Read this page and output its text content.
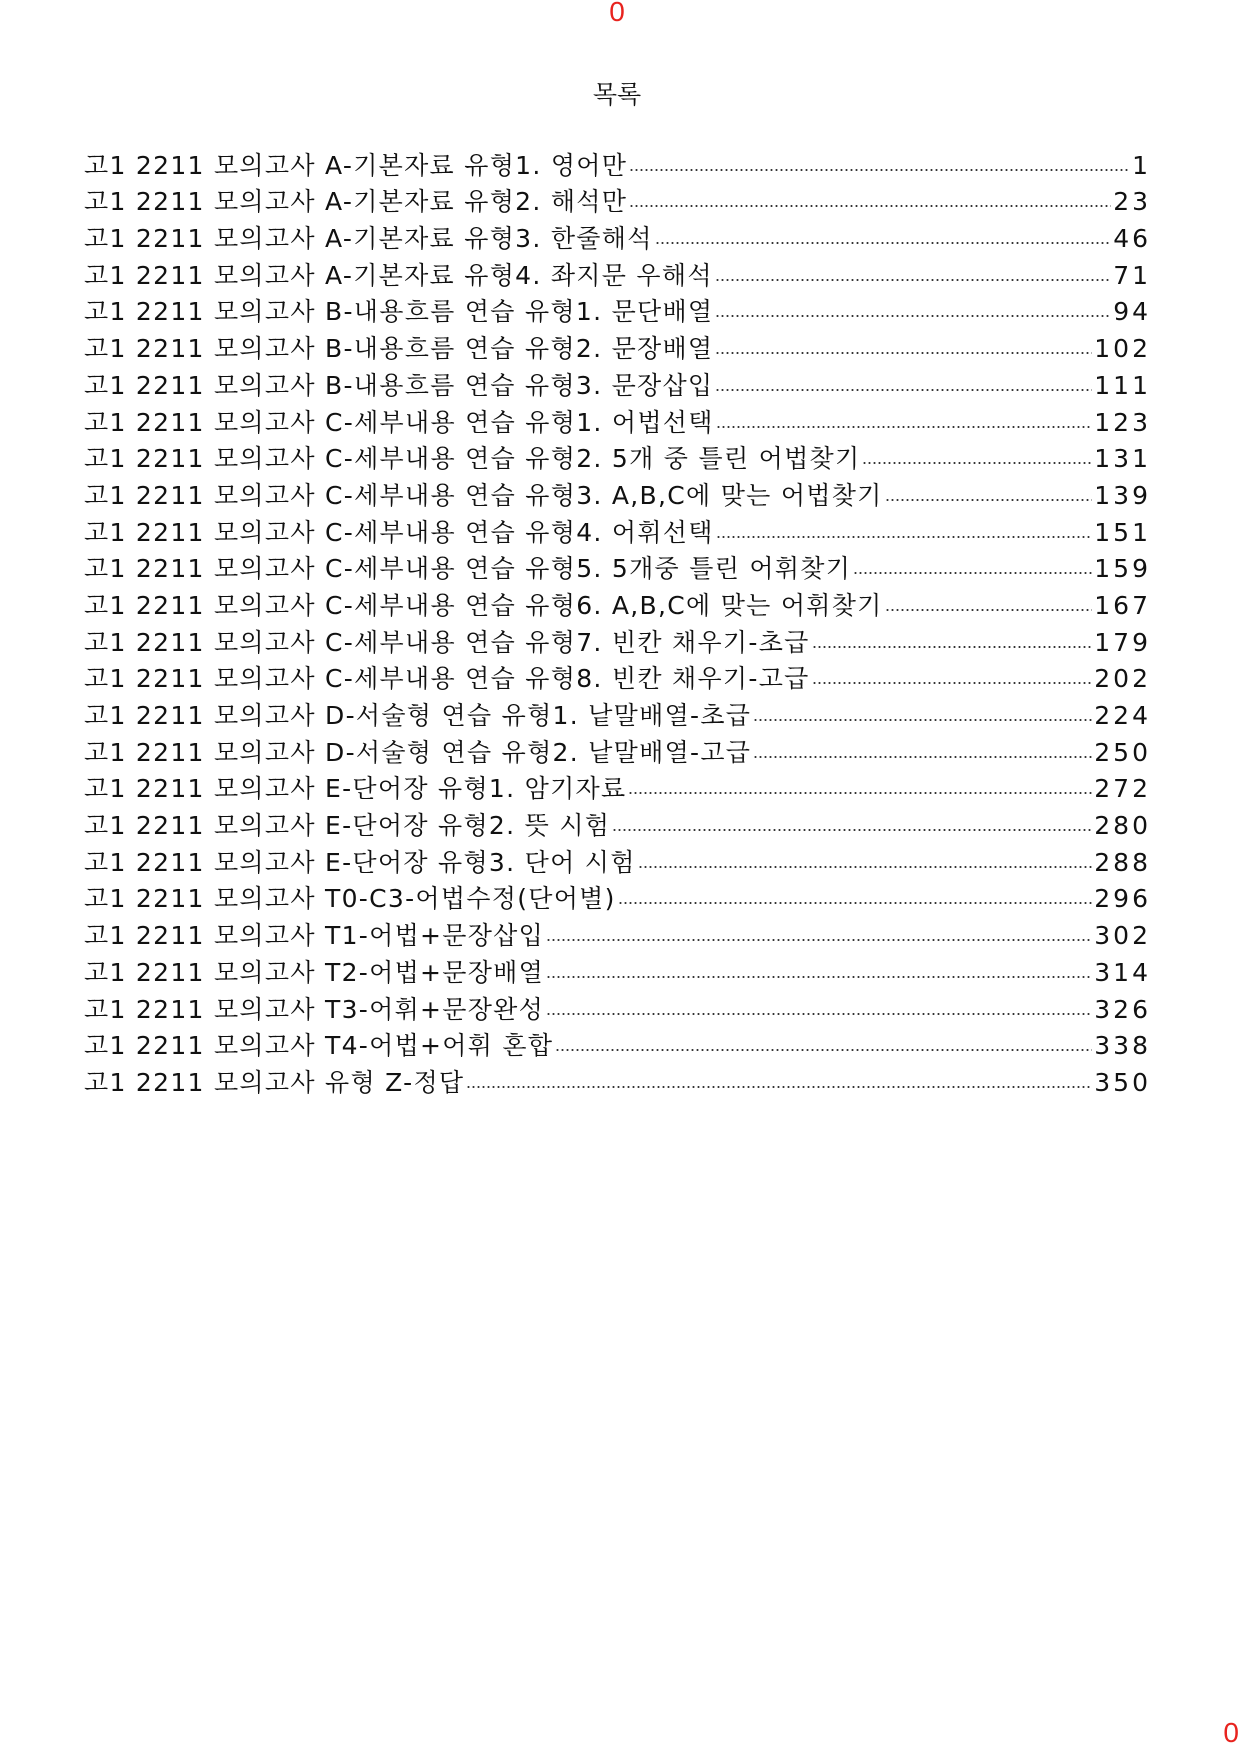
0
목록
고1 2211 모의고사 A-기본자료 유형1. 영어만	1
고1 2211 모의고사 A-기본자료 유형2. 해석만	23
고1 2211 모의고사 A-기본자료 유형3. 한줄해석	46
고1 2211 모의고사 A-기본자료 유형4. 좌지문 우해석	71
고1 2211 모의고사 B-내용흐름 연습 유형1. 문단배열	94
고1 2211 모의고사 B-내용흐름 연습 유형2. 문장배열	102
고1 2211 모의고사 B-내용흐름 연습 유형3. 문장삽입	111
고1 2211 모의고사 C-세부내용 연습 유형1. 어법선택	123
고1 2211 모의고사 C-세부내용 연습 유형2. 5개 중 틀린 어법찾기	131
고1 2211 모의고사 C-세부내용 연습 유형3. A,B,C에 맞는 어법찾기	139
고1 2211 모의고사 C-세부내용 연습 유형4. 어휘선택	151
고1 2211 모의고사 C-세부내용 연습 유형5. 5개중 틀린 어휘찾기	159
고1 2211 모의고사 C-세부내용 연습 유형6. A,B,C에 맞는 어휘찾기	167
고1 2211 모의고사 C-세부내용 연습 유형7. 빈칸 채우기-초급	179
고1 2211 모의고사 C-세부내용 연습 유형8. 빈칸 채우기-고급	202
고1 2211 모의고사 D-서술형 연습 유형1. 낱말배열-초급	224
고1 2211 모의고사 D-서술형 연습 유형2. 낱말배열-고급	250
고1 2211 모의고사 E-단어장 유형1. 암기자료	272
고1 2211 모의고사 E-단어장 유형2. 뜻 시험	280
고1 2211 모의고사 E-단어장 유형3. 단어 시험	288
고1 2211 모의고사 T0-C3-어법수정(단어별)	296
고1 2211 모의고사 T1-어법+문장삽입	302
고1 2211 모의고사 T2-어법+문장배열	314
고1 2211 모의고사 T3-어휘+문장완성	326
고1 2211 모의고사 T4-어법+어휘 혼합	338
고1 2211 모의고사 유형 Z-정답	350
0
